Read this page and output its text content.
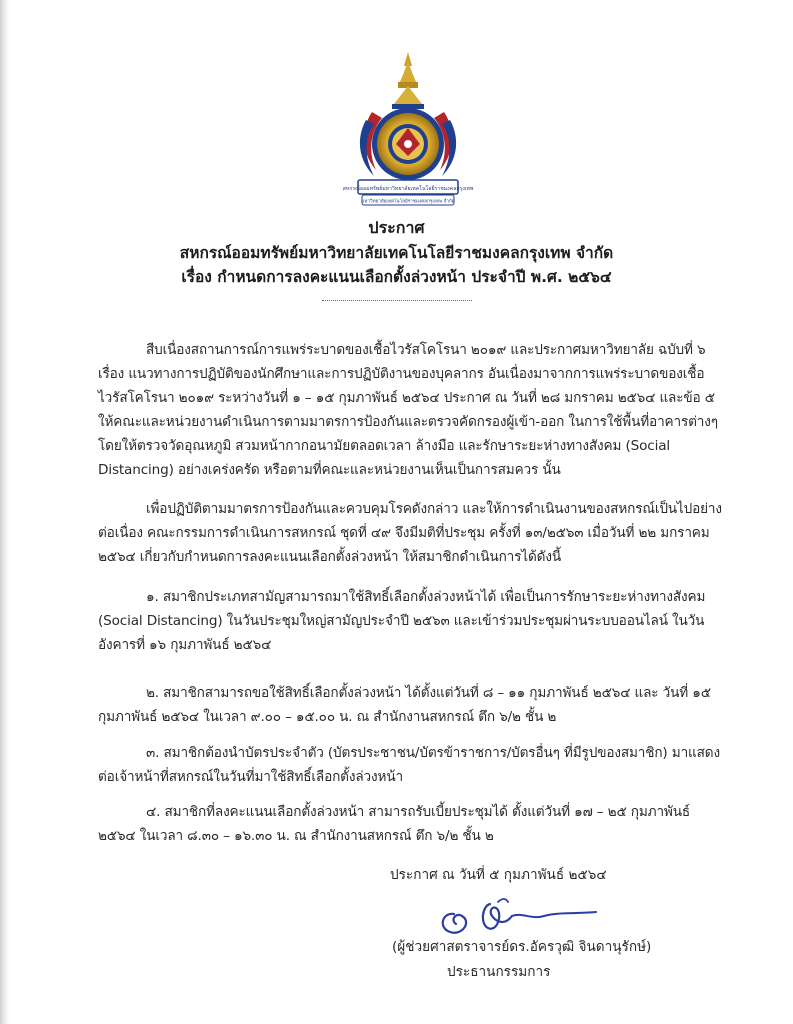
สหกรณ์ออมทรัพย์มหาวิทยาลัยเทคโนโลยีราชมงคลกรุงเทพ
มหาวิทยาลัยเทคโนโลยีราชมงคลกรุงเทพ จำกัด
ประกาศ
สหกรณ์ออมทรัพย์มหาวิทยาลัยเทคโนโลยีราชมงคลกรุงเทพ จำกัด
เรื่อง กำหนดการลงคะแนนเลือกตั้งล่วงหน้า ประจำปี พ.ศ. ๒๕๖๔
สืบเนื่องสถานการณ์การแพร่ระบาดของเชื้อไวรัสโคโรนา ๒๐๑๙ และประกาศมหาวิทยาลัย ฉบับที่ ๖
เรื่อง แนวทางการปฏิบัติของนักศึกษาและการปฏิบัติงานของบุคลากร อันเนื่องมาจากการแพร่ระบาดของเชื้อ
ไวรัสโคโรนา ๒๐๑๙ ระหว่างวันที่ ๑ – ๑๕ กุมภาพันธ์ ๒๕๖๔ ประกาศ ณ วันที่ ๒๘ มกราคม ๒๕๖๔ และข้อ ๕
ให้คณะและหน่วยงานดำเนินการตามมาตรการป้องกันและตรวจคัดกรองผู้เข้า-ออก ในการใช้พื้นที่อาคารต่างๆ
โดยให้ตรวจวัดอุณหภูมิ สวมหน้ากากอนามัยตลอดเวลา ล้างมือ และรักษาระยะห่างทางสังคม (Social
Distancing) อย่างเคร่งครัด หรือตามที่คณะและหน่วยงานเห็นเป็นการสมควร นั้น
เพื่อปฏิบัติตามมาตรการป้องกันและควบคุมโรคดังกล่าว และให้การดำเนินงานของสหกรณ์เป็นไปอย่าง
ต่อเนื่อง คณะกรรมการดำเนินการสหกรณ์ ชุดที่ ๔๙ จึงมีมติที่ประชุม ครั้งที่ ๑๓/๒๕๖๓ เมื่อวันที่ ๒๒ มกราคม
๒๕๖๔ เกี่ยวกับกำหนดการลงคะแนนเลือกตั้งล่วงหน้า ให้สมาชิกดำเนินการได้ดังนี้
๑. สมาชิกประเภทสามัญสามารถมาใช้สิทธิ์เลือกตั้งล่วงหน้าได้ เพื่อเป็นการรักษาระยะห่างทางสังคม
(Social Distancing) ในวันประชุมใหญ่สามัญประจำปี ๒๕๖๓ และเข้าร่วมประชุมผ่านระบบออนไลน์ ในวัน
อังคารที่ ๑๖ กุมภาพันธ์ ๒๕๖๔
๒. สมาชิกสามารถขอใช้สิทธิ์เลือกตั้งล่วงหน้า ได้ตั้งแต่วันที่ ๘ – ๑๑ กุมภาพันธ์ ๒๕๖๔ และ วันที่ ๑๕
กุมภาพันธ์ ๒๕๖๔ ในเวลา ๙.๐๐ – ๑๕.๐๐ น. ณ สำนักงานสหกรณ์ ตึก ๖/๒ ชั้น ๒
๓. สมาชิกต้องนำบัตรประจำตัว (บัตรประชาชน/บัตรข้าราชการ/บัตรอื่นๆ ที่มีรูปของสมาชิก) มาแสดง
ต่อเจ้าหน้าที่สหกรณ์ในวันที่มาใช้สิทธิ์เลือกตั้งล่วงหน้า
๔. สมาชิกที่ลงคะแนนเลือกตั้งล่วงหน้า สามารถรับเบี้ยประชุมได้ ตั้งแต่วันที่ ๑๗ – ๒๕ กุมภาพันธ์
๒๕๖๔ ในเวลา ๘.๓๐ – ๑๖.๓๐ น. ณ สำนักงานสหกรณ์ ตึก ๖/๒ ชั้น ๒
ประกาศ ณ วันที่ ๕ กุมภาพันธ์ ๒๕๖๔
(ผู้ช่วยศาสตราจารย์ดร.อัครวุฒิ จินดานุรักษ์)
ประธานกรรมการ
